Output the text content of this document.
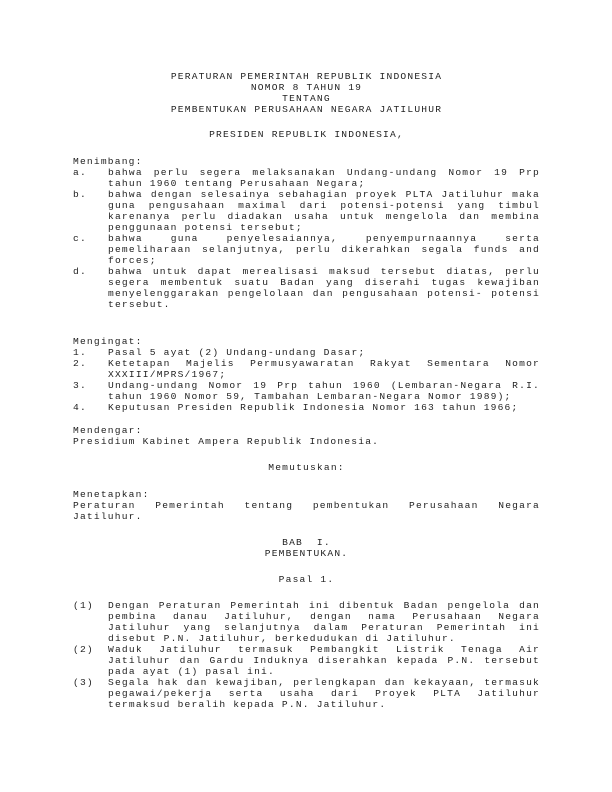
PERATURAN PEMERINTAH REPUBLIK INDONESIA
NOMOR 8 TAHUN 19
TENTANG
PEMBENTUKAN PERUSAHAAN NEGARA JATILUHUR
PRESIDEN REPUBLIK INDONESIA,
Menimbang:
a. bahwa perlu segera melaksanakan Undang-undang Nomor 19 Prp
tahun 1960 tentang Perusahaan Negara;
b. bahwa dengan selesainya sebahagian proyek PLTA Jatiluhur maka
guna pengusahaan maximal dari potensi-potensi yang timbul
karenanya perlu diadakan usaha untuk mengelola dan membina
penggunaan potensi tersebut;
c. bahwa guna penyelesaiannya, penyempurnaannya serta
pemeliharaan selanjutnya, perlu dikerahkan segala funds and
forces;
d. bahwa untuk dapat merealisasi maksud tersebut diatas, perlu
segera membentuk suatu Badan yang diserahi tugas kewajiban
menyelenggarakan pengelolaan dan pengusahaan potensi- potensi
tersebut.
Mengingat:
1. Pasal 5 ayat (2) Undang-undang Dasar;
2. Ketetapan Majelis Permusyawaratan Rakyat Sementara Nomor
XXXIII/MPRS/1967;
3. Undang-undang Nomor 19 Prp tahun 1960 (Lembaran-Negara R.I.
tahun 1960 Nomor 59, Tambahan Lembaran-Negara Nomor 1989);
4. Keputusan Presiden Republik Indonesia Nomor 163 tahun 1966;
Mendengar:
Presidium Kabinet Ampera Republik Indonesia.
Memutuskan:
Menetapkan:
Peraturan Pemerintah tentang pembentukan Perusahaan Negara
Jatiluhur.
BAB  I.
PEMBENTUKAN.
Pasal 1.
(1) Dengan Peraturan Pemerintah ini dibentuk Badan pengelola dan
pembina danau Jatiluhur, dengan nama Perusahaan Negara
Jatiluhur yang selanjutnya dalam Peraturan Pemerintah ini
disebut P.N. Jatiluhur, berkedudukan di Jatiluhur.
(2) Waduk Jatiluhur termasuk Pembangkit Listrik Tenaga Air
Jatiluhur dan Gardu Induknya diserahkan kepada P.N. tersebut
pada ayat (1) pasal ini.
(3) Segala hak dan kewajiban, perlengkapan dan kekayaan, termasuk
pegawai/pekerja serta usaha dari Proyek PLTA Jatiluhur
termaksud beralih kepada P.N. Jatiluhur.
